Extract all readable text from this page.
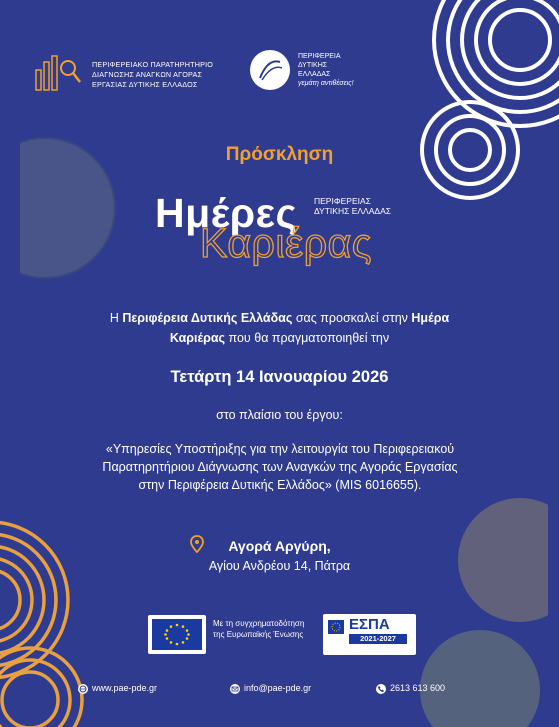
ΠΕΡΙΦΕΡΕΙΑΚΟ ΠΑΡΑΤΗΡΗΤΗΡΙΟ
ΔΙΑΓΝΩΣΗΣ ΑΝΑΓΚΩΝ ΑΓΟΡΑΣ
ΕΡΓΑΣΙΑΣ ΔΥΤΙΚΗΣ ΕΛΛΑΔΟΣ
ΠΕΡΙΦΕΡΕΙΑ
ΔΥΤΙΚΗΣ
ΕΛΛΑΔΑΣ
γεμάτη αντιθέσεις!
Πρόσκληση
Ημέρες
Καριέρας
ΠΕΡΙΦΕΡΕΙΑΣ
ΔΥΤΙΚΗΣ ΕΛΛΑΔΑΣ
Η Περιφέρεια Δυτικής Ελλάδας σας προσκαλεί στην Ημέρα
Καριέρας που θα πραγματοποιηθεί την
Τετάρτη 14 Ιανουαρίου 2026
στο πλαίσιο του έργου:
«Υπηρεσίες Υποστήριξης για την λειτουργία του Περιφερειακού
Παρατηρητήριου Διάγνωσης των Αναγκών της Αγοράς Εργασίας
στην Περιφέρεια Δυτικής Ελλάδος» (MIS 6016655).
Αγορά Αργύρη,
Αγίου Ανδρέου 14, Πάτρα
Με τη συγχρηματοδότηση
της Ευρωπαϊκής Ένωσης
ΕΣΠΑ
2021-2027
www.pae-pde.gr	info@pae-pde.gr	2613 613 600
